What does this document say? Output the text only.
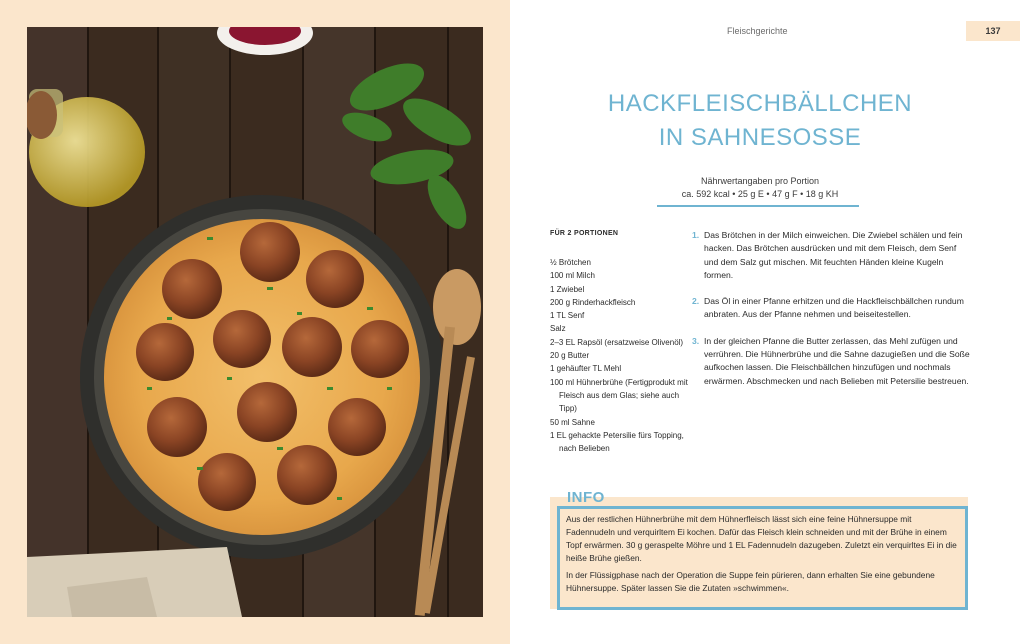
Fleischgerichte	137
HACKFLEISCHBÄLLCHEN
IN SAHNESOSSE
Nährwertangaben pro Portion
ca. 592 kcal • 25 g E • 47 g F • 18 g KH
FÜR 2 PORTIONEN
½ Brötchen
100 ml Milch
1 Zwiebel
200 g Rinderhackfleisch
1 TL Senf
Salz
2–3 EL Rapsöl (ersatzweise Olivenöl)
20 g Butter
1 gehäufter TL Mehl
100 ml Hühnerbrühe (Fertigprodukt mit Fleisch aus dem Glas; siehe auch Tipp)
50 ml Sahne
1 EL gehackte Petersilie fürs Topping, nach Belieben
1. Das Brötchen in der Milch einweichen. Die Zwiebel schälen und fein hacken. Das Brötchen ausdrücken und mit dem Fleisch, dem Senf und dem Salz gut mischen. Mit feuchten Händen kleine Kugeln formen.
2. Das Öl in einer Pfanne erhitzen und die Hackfleischbällchen rundum anbraten. Aus der Pfanne nehmen und beiseitestellen.
3. In der gleichen Pfanne die Butter zerlassen, das Mehl zufügen und verrühren. Die Hühnerbrühe und die Sahne dazugießen und die Soße aufkochen lassen. Die Fleischbällchen hinzufügen und nochmals erwärmen. Abschmecken und nach Belieben mit Petersilie bestreuen.

Aus der restlichen Hühnerbrühe mit dem Hühnerfleisch lässt sich eine feine Hühnersuppe mit Fadennudeln und verquirltem Ei kochen. Dafür das Fleisch klein schneiden und mit der Brühe in einem Topf erwärmen. 30 g geraspelte Möhre und 1 EL Fadennudeln dazugeben. Zuletzt ein verquirltes Ei in die heiße Brühe gießen.

In der Flüssigphase nach der Operation die Suppe fein pürieren, dann erhalten Sie eine gebundene Hühnersuppe. Später lassen Sie die Zutaten »schwimmen«.

INFO
